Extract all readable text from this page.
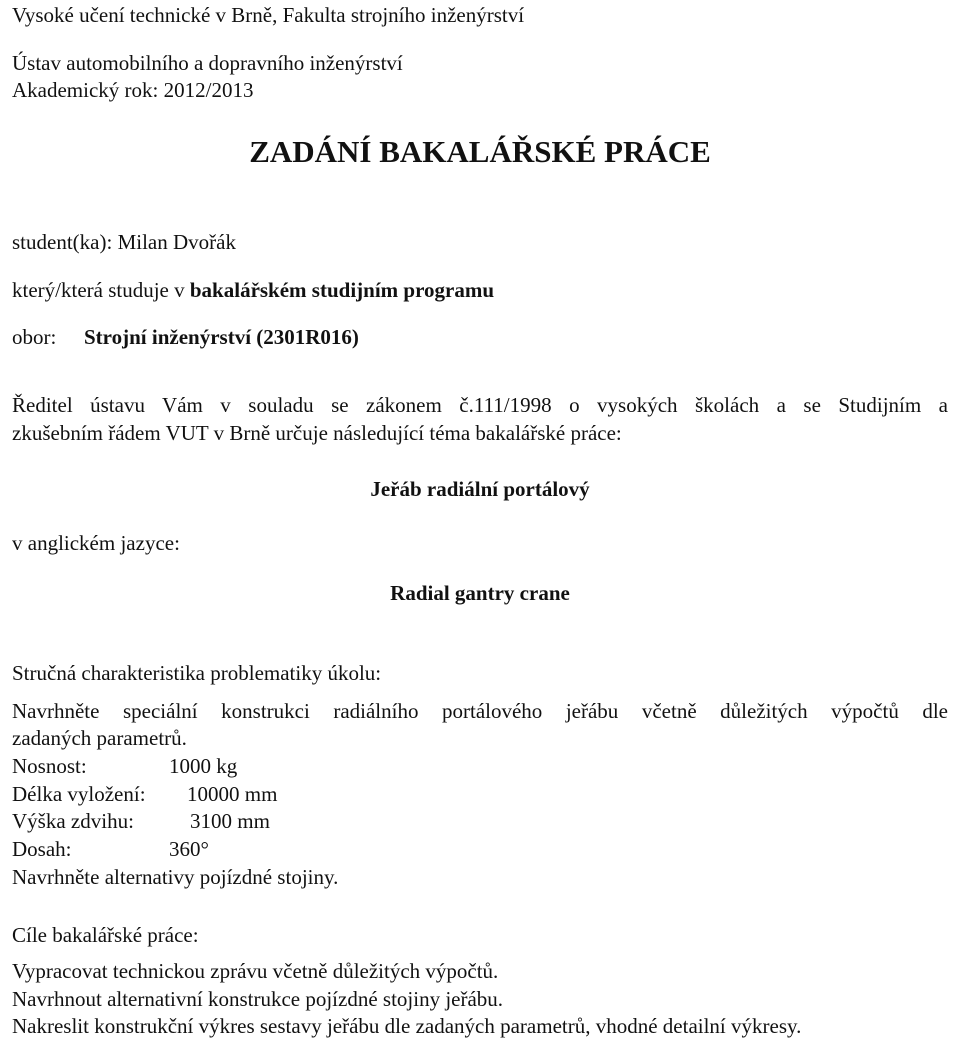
Vysoké učení technické v Brně, Fakulta strojního inženýrství
Ústav automobilního a dopravního inženýrství
Akademický rok: 2012/2013
ZADÁNÍ BAKALÁŘSKÉ PRÁCE
student(ka): Milan Dvořák
který/která studuje v bakalářském studijním programu
obor: Strojní inženýrství (2301R016)
Ředitel ústavu Vám v souladu se zákonem č.111/1998 o vysokých školách a se Studijním a
zkušebním řádem VUT v Brně určuje následující téma bakalářské práce:
Jeřáb radiální portálový
v anglickém jazyce:
Radial gantry crane
Stručná charakteristika problematiky úkolu:
Navrhněte speciální konstrukci radiálního portálového jeřábu včetně důležitých výpočtů dle
zadaných parametrů.
Nosnost:	1000 kg
Délka vyložení: 10000 mm
Výška zdvihu:	3100 mm
Dosah:	360°
Navrhněte alternativy pojízdné stojiny.
Cíle bakalářské práce:
Vypracovat technickou zprávu včetně důležitých výpočtů.
Navrhnout alternativní konstrukce pojízdné stojiny jeřábu.
Nakreslit konstrukční výkres sestavy jeřábu dle zadaných parametrů, vhodné detailní výkresy.
